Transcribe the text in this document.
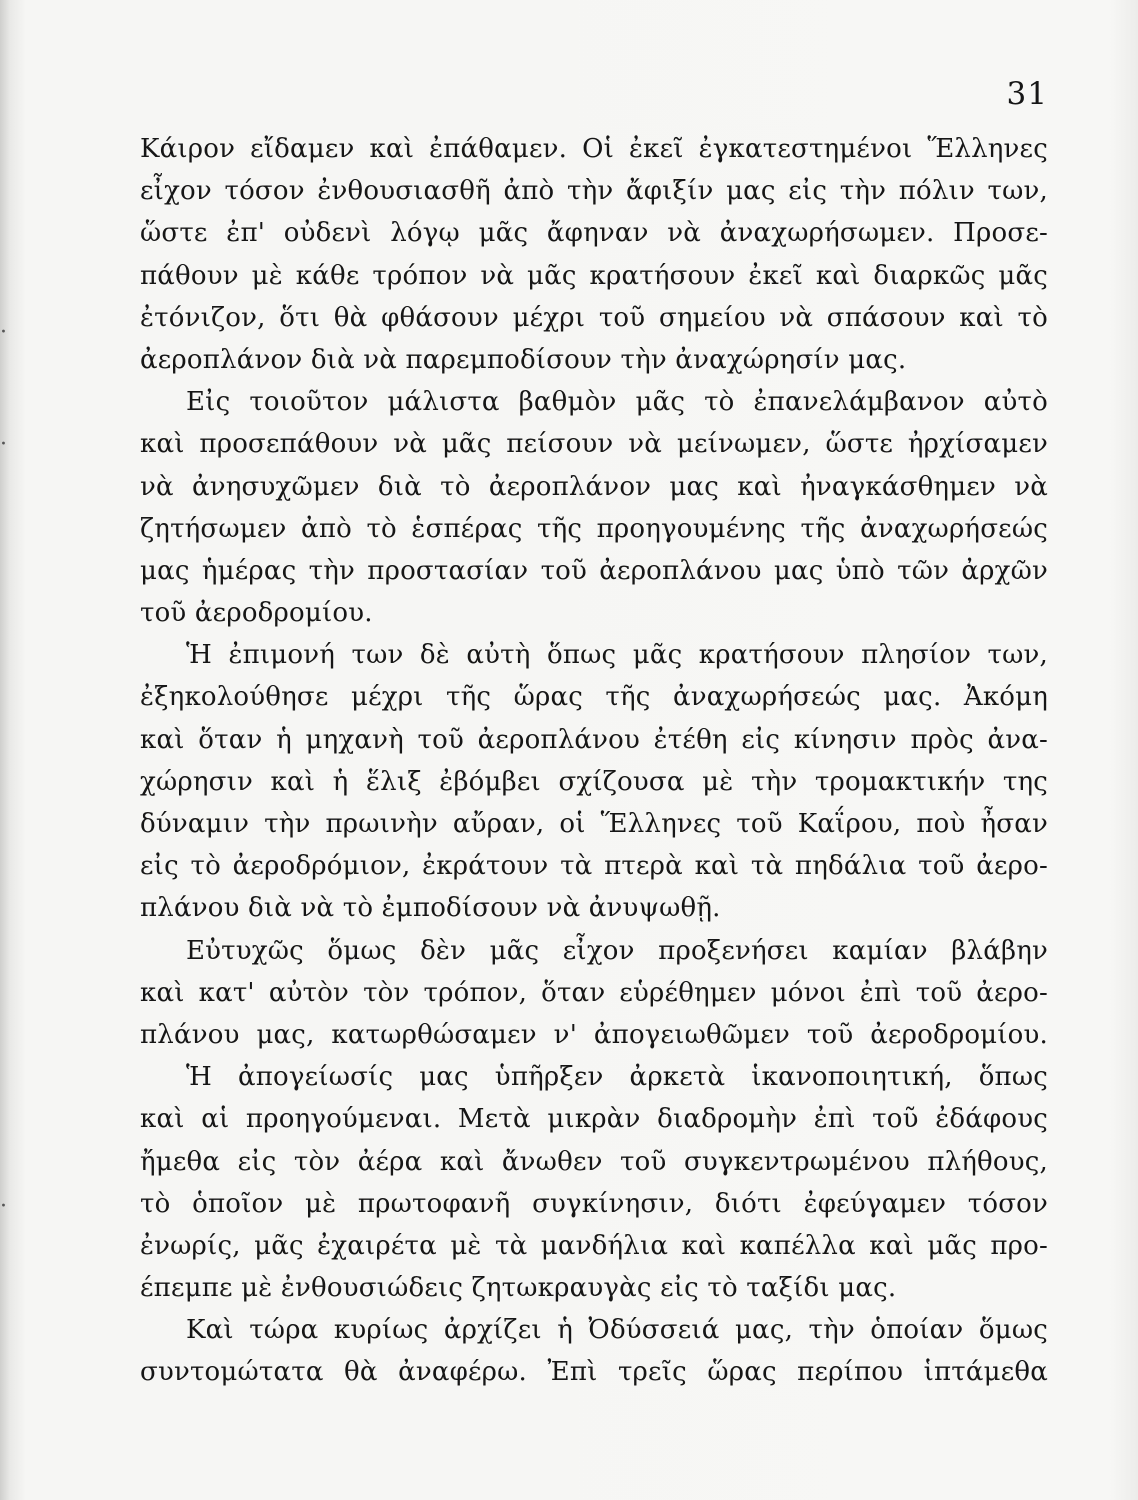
·
·
·
31
Κάιρον εἴδαμεν καὶ ἐπάθαμεν. Οἱ ἐκεῖ ἐγκατεστημένοι Ἕλληνες
εἶχον τόσον ἐνθουσιασθῆ ἀπὸ τὴν ἄφιξίν μας εἰς τὴν πόλιν των,
ὥστε ἐπ' οὐδενὶ λόγῳ μᾶς ἄφηναν νὰ ἀναχωρήσωμεν. Προσε-
πάθουν μὲ κάθε τρόπον νὰ μᾶς κρατήσουν ἐκεῖ καὶ διαρκῶς μᾶς
ἐτόνιζον, ὅτι θὰ φθάσουν μέχρι τοῦ σημείου νὰ σπάσουν καὶ τὸ
ἀεροπλάνον διὰ νὰ παρεμποδίσουν τὴν ἀναχώρησίν μας.
Εἰς τοιοῦτον μάλιστα βαθμὸν μᾶς τὸ ἐπανελάμβανον αὐτὸ
καὶ προσεπάθουν νὰ μᾶς πείσουν νὰ μείνωμεν, ὥστε ἠρχίσαμεν
νὰ ἀνησυχῶμεν διὰ τὸ ἀεροπλάνον μας καὶ ἠναγκάσθημεν νὰ
ζητήσωμεν ἀπὸ τὸ ἑσπέρας τῆς προηγουμένης τῆς ἀναχωρήσεώς
μας ἡμέρας τὴν προστασίαν τοῦ ἀεροπλάνου μας ὑπὸ τῶν ἀρχῶν
τοῦ ἀεροδρομίου.
Ἡ ἐπιμονή των δὲ αὐτὴ ὅπως μᾶς κρατήσουν πλησίον των,
ἐξηκολούθησε μέχρι τῆς ὥρας τῆς ἀναχωρήσεώς μας. Ἀκόμη
καὶ ὅταν ἡ μηχανὴ τοῦ ἀεροπλάνου ἐτέθη εἰς κίνησιν πρὸς ἀνα-
χώρησιν καὶ ἡ ἕλιξ ἐβόμβει σχίζουσα μὲ τὴν τρομακτικήν της
δύναμιν τὴν πρωινὴν αὔραν, οἱ Ἕλληνες τοῦ Καΐρου, ποὺ ἦσαν
εἰς τὸ ἀεροδρόμιον, ἐκράτουν τὰ πτερὰ καὶ τὰ πηδάλια τοῦ ἀερο-
πλάνου διὰ νὰ τὸ ἐμποδίσουν νὰ ἀνυψωθῇ.
Εὐτυχῶς ὅμως δὲν μᾶς εἶχον προξενήσει καμίαν βλάβην
καὶ κατ' αὐτὸν τὸν τρόπον, ὅταν εὑρέθημεν μόνοι ἐπὶ τοῦ ἀερο-
πλάνου μας, κατωρθώσαμεν ν' ἀπογειωθῶμεν τοῦ ἀεροδρομίου.
Ἡ ἀπογείωσίς μας ὑπῆρξεν ἀρκετὰ ἱκανοποιητική, ὅπως
καὶ αἱ προηγούμεναι. Μετὰ μικρὰν διαδρομὴν ἐπὶ τοῦ ἐδάφους
ἤμεθα εἰς τὸν ἀέρα καὶ ἄνωθεν τοῦ συγκεντρωμένου πλήθους,
τὸ ὁποῖον μὲ πρωτοφανῆ συγκίνησιν, διότι ἐφεύγαμεν τόσον
ἐνωρίς, μᾶς ἐχαιρέτα μὲ τὰ μανδήλια καὶ καπέλλα καὶ μᾶς προ-
έπεμπε μὲ ἐνθουσιώδεις ζητωκραυγὰς εἰς τὸ ταξίδι μας.
Καὶ τώρα κυρίως ἀρχίζει ἡ Ὀδύσσειά μας, τὴν ὁποίαν ὅμως
συντομώτατα θὰ ἀναφέρω. Ἐπὶ τρεῖς ὥρας περίπου ἱπτάμεθα
